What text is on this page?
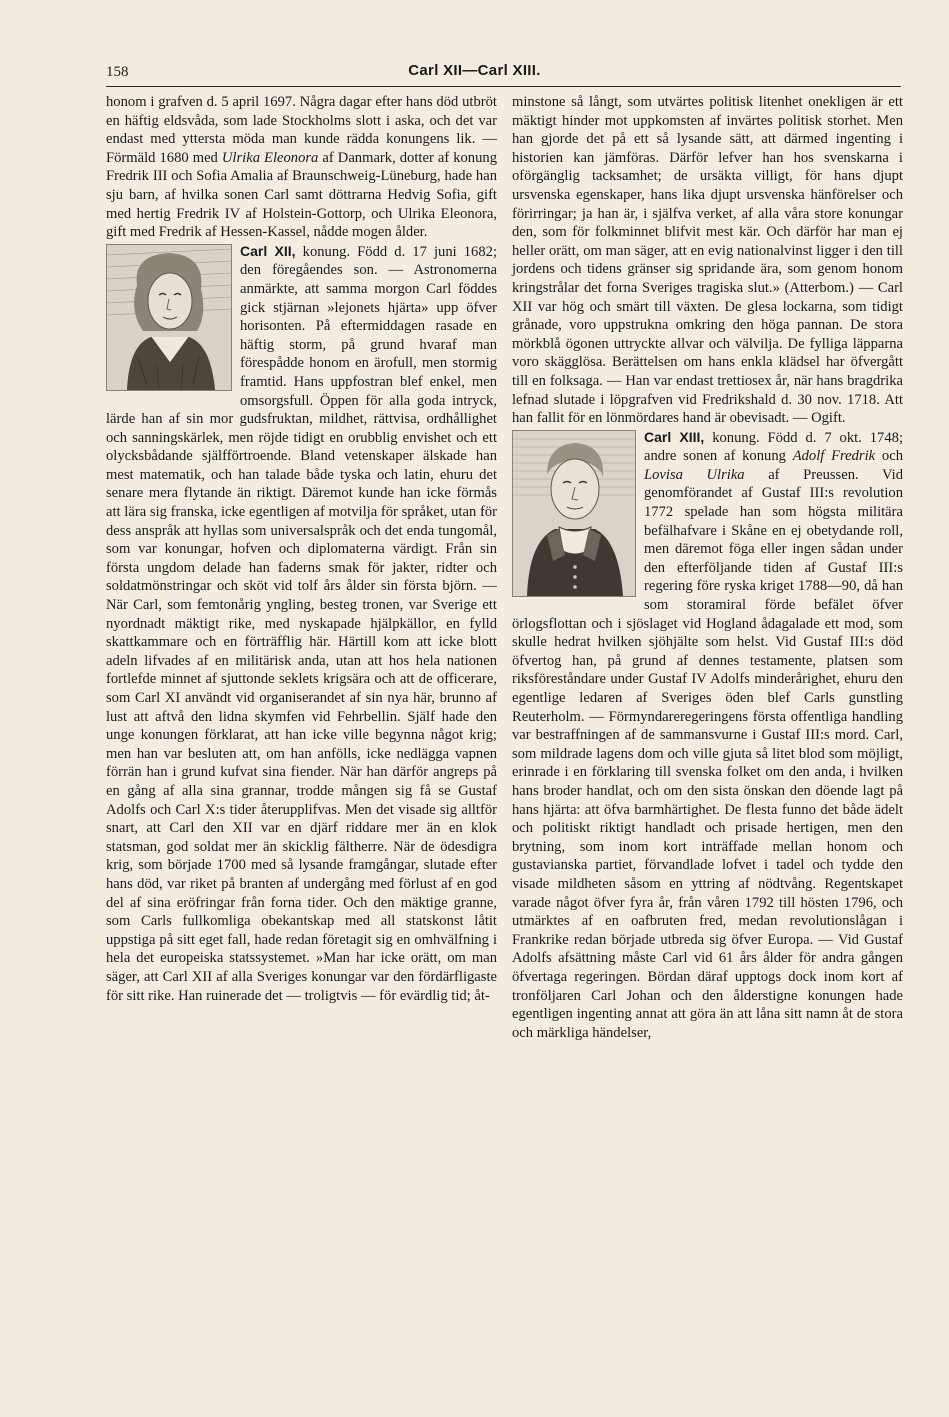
158	Carl XII—Carl XIII.

honom i grafven d. 5 april 1697. Några dagar efter hans död utbröt en häftig eldsvåda, som lade Stockholms slott i aska, och det var endast med yttersta möda man kunde rädda konungens lik. — Förmäld 1680 med Ulrika Eleonora af Danmark, dotter af konung Fredrik III och Sofia Amalia af Braunschweig-Lüneburg, hade han sju barn, af hvilka sonen Carl samt döttrarna Hedvig Sofia, gift med hertig Fredrik IV af Holstein-Gottorp, och Ulrika Eleonora, gift med Fredrik af Hessen-Kassel, nådde mogen ålder.

Carl XII,
konung. Född d. 17 juni 1682; den föregåendes son. — Astronomerna anmärkte, att samma morgon Carl föddes gick stjärnan »lejonets hjärta» upp öfver horisonten. På eftermiddagen rasade en häftig storm, på grund hvaraf man förespådde honom en ärofull, men stormig framtid. Hans uppfostran blef enkel, men omsorgsfull. Öppen för alla goda intryck, lärde han af sin mor gudsfruktan, mildhet, rättvisa, ordhållighet och sanningskärlek, men röjde tidigt en orubblig envishet och ett olycksbådande själfförtroende. Bland vetenskaper älskade han mest matematik, och han talade både tyska och latin, ehuru det senare mera flytande än riktigt. Däremot kunde han icke förmås att lära sig franska, icke egentligen af motvilja för språket, utan för dess anspråk att hyllas som universalspråk och det enda tungomål, som var konungar, hofven och diplomaterna värdigt. Från sin första ungdom delade han faderns smak för jakter, ridter och soldatmönstringar och sköt vid tolf års ålder sin första björn. — När Carl, som femtonårig yngling, besteg tronen, var Sverige ett nyordnadt mäktigt rike, med nyskapade hjälpkällor, en fylld skattkammare och en förträfflig här. Härtill kom att icke blott adeln lifvades af en militärisk anda, utan att hos hela nationen fortlefde minnet af sjuttonde seklets krigsära och att de officerare, som Carl XI användt vid organiserandet af sin nya här, brunno af lust att aftvå den lidna skymfen vid Fehrbellin. Själf hade den unge konungen förklarat, att han icke ville begynna något krig; men han var besluten att, om han anfölls, icke nedlägga vapnen förrän han i grund kufvat sina fiender. När han därför angreps på en gång af alla sina grannar, trodde mången sig få se Gustaf Adolfs och Carl X:s tider återupplifvas. Men det visade sig alltför snart, att Carl den XII var en djärf riddare mer än en klok statsman, god soldat mer än skicklig fältherre. När de ödesdigra krig, som började 1700 med så lysande framgångar, slutade efter hans död, var riket på branten af undergång med förlust af en god del af sina eröfringar från forna tider. Och den mäktige granne, som Carls fullkomliga obekantskap med all statskonst låtit uppstiga på sitt eget fall, hade redan företagit sig en omhvälfning i hela det europeiska statssystemet. »Man har icke orätt, om man säger, att Carl XII af alla Sveriges konungar var den fördärfligaste för sitt rike. Han ruinerade det — troligtvis — för evärdlig tid; åt-

minstone så långt, som utvärtes politisk litenhet onekligen är ett mäktigt hinder mot uppkomsten af invärtes politisk storhet. Men han gjorde det på ett så lysande sätt, att därmed ingenting i historien kan jämföras. Därför lefver han hos svenskarna i oförgänglig tacksamhet; de ursäkta villigt, för hans djupt ursvenska egenskaper, hans lika djupt ursvenska hänförelser och förirringar; ja han är, i själfva verket, af alla våra store konungar den, som för folkminnet blifvit mest kär. Och därför har man ej heller orätt, om man säger, att en evig nationalvinst ligger i den till jordens och tidens gränser sig spridande ära, som genom honom kringstrålar det forna Sveriges tragiska slut.» (Atterbom.) — Carl XII var hög och smärt till växten. De glesa lockarna, som tidigt grånade, voro uppstrukna omkring den höga pannan. De stora mörkblå ögonen uttryckte allvar och välvilja. De fylliga läpparna voro skägglösa. Berättelsen om hans enkla klädsel har öfvergått till en folksaga. — Han var endast trettiosex år, när hans bragdrika lefnad slutade i löpgrafven vid Fredrikshald d. 30 nov. 1718. Att han fallit för en lönmördares hand är obevisadt. — Ogift.

Carl XIII,
konung. Född d. 7 okt. 1748; andre sonen af konung Adolf Fredrik och Lovisa Ulrika af Preussen. Vid genomförandet af Gustaf III:s revolution 1772 spelade han som högsta militära befälhafvare i Skåne en ej obetydande roll, men däremot föga eller ingen sådan under den efterföljande tiden af Gustaf III:s regering före ryska kriget 1788—90, då han som storamiral förde befälet öfver örlogsflottan och i sjöslaget vid Hogland ådagalade ett mod, som skulle hedrat hvilken sjöhjälte som helst. Vid Gustaf III:s död öfvertog han, på grund af dennes testamente, platsen som riksföreståndare under Gustaf IV Adolfs minderårighet, ehuru den egentlige ledaren af Sveriges öden blef Carls gunstling Reuterholm. — Förmyndareregeringens första offentliga handling var bestraffningen af de sammansvurne i Gustaf III:s mord. Carl, som mildrade lagens dom och ville gjuta så litet blod som möjligt, erinrade i en förklaring till svenska folket om den anda, i hvilken hans broder handlat, och om den sista önskan den döende lagt på hans hjärta: att öfva barmhärtighet. De flesta funno det både ädelt och politiskt riktigt handladt och prisade hertigen, men den brytning, som inom kort inträffade mellan honom och gustavianska partiet, förvandlade lofvet i tadel och tydde den visade mildheten såsom en yttring af nödtvång. Regentskapet varade något öfver fyra år, från våren 1792 till hösten 1796, och utmärktes af en oafbruten fred, medan revolutionslågan i Frankrike redan började utbreda sig öfver Europa. — Vid Gustaf Adolfs afsättning måste Carl vid 61 års ålder för andra gången öfvertaga regeringen. Bördan däraf upptogs dock inom kort af tronföljaren Carl Johan och den ålderstigne konungen hade egentligen ingenting annat att göra än att låna sitt namn åt de stora och märkliga händelser,
